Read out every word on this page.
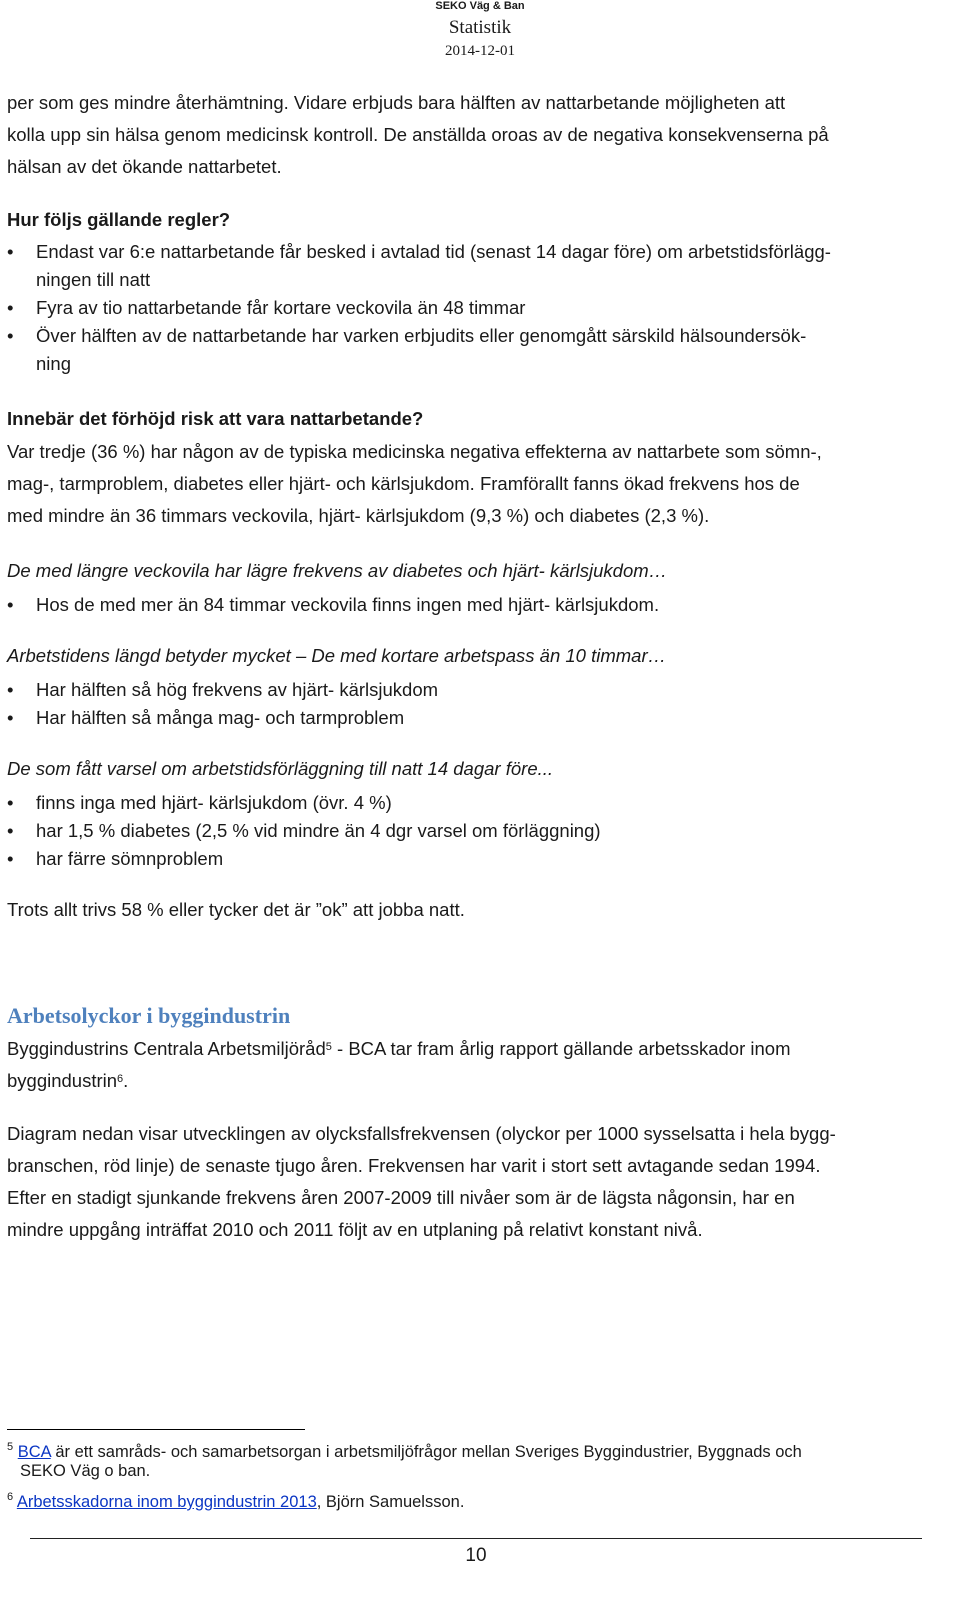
SEKO Väg & Ban
Statistik
2014-12-01

per som ges mindre återhämtning. Vidare erbjuds bara hälften av nattarbetande möjligheten att
kolla upp sin hälsa genom medicinsk kontroll. De anställda oroas av de negativa konsekvenserna på
hälsan av det ökande nattarbetet.

Hur följs gällande regler?
• Endast var 6:e nattarbetande får besked i avtalad tid (senast 14 dagar före) om arbetstidsförlägg-
ningen till natt
• Fyra av tio nattarbetande får kortare veckovila än 48 timmar
• Över hälften av de nattarbetande har varken erbjudits eller genomgått särskild hälsoundersök-
ning
Innebär det förhöjd risk att vara nattarbetande?

Var tredje (36 %) har någon av de typiska medicinska negativa effekterna av nattarbete som sömn-,
mag-, tarmproblem, diabetes eller hjärt- och kärlsjukdom. Framförallt fanns ökad frekvens hos de
med mindre än 36 timmars veckovila, hjärt- kärlsjukdom (9,3 %) och diabetes (2,3 %).

De med längre veckovila har lägre frekvens av diabetes och hjärt- kärlsjukdom…

• Hos de med mer än 84 timmar veckovila finns ingen med hjärt- kärlsjukdom.

Arbetstidens längd betyder mycket – De med kortare arbetspass än 10 timmar…

• Har hälften så hög frekvens av hjärt- kärlsjukdom
• Har hälften så många mag- och tarmproblem

De som fått varsel om arbetstidsförläggning till natt 14 dagar före...

• finns inga med hjärt- kärlsjukdom (övr. 4 %)
• har 1,5 % diabetes (2,5 % vid mindre än 4 dgr varsel om förläggning)
• har färre sömnproblem

Trots allt trivs 58 % eller tycker det är ”ok” att jobba natt.

Arbetsolyckor i byggindustrin

Byggindustrins Centrala Arbetsmiljöråd$^5$ - BCA tar fram årlig rapport gällande arbetsskador inom
byggindustrin$^6$.

Diagram nedan visar utvecklingen av olycksfallsfrekvensen (olyckor per 1000 sysselsatta i hela bygg-
branschen, röd linje) de senaste tjugo åren. Frekvensen har varit i stort sett avtagande sedan 1994.
Efter en stadigt sjunkande frekvens åren 2007-2009 till nivåer som är de lägsta någonsin, har en
mindre uppgång inträffat 2010 och 2011 följt av en utplaning på relativt konstant nivå.

$^5$ BCA är ett samråds- och samarbetsorgan i arbetsmiljöfrågor mellan Sveriges Byggindustrier, Byggnads och
SEKO Väg o ban.
$^6$ Arbetsskadorna inom byggindustrin 2013, Björn Samuelsson.
10
